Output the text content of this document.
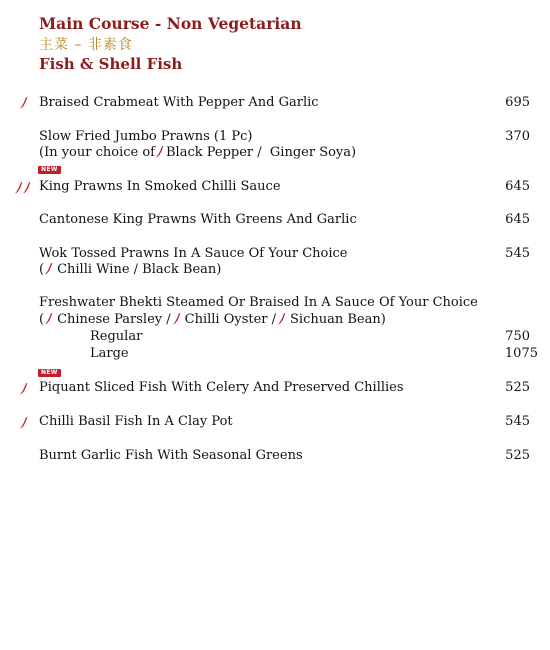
Main Course - Non Vegetarian
主菜 – 非素食
Fish & Shell Fish
Braised Crabmeat With Pepper And Garlic	695
Slow Fried Jumbo Prawns (1 Pc)	370
(In your choice of Black Pepper / Ginger Soya)
NEW
King Prawns In Smoked Chilli Sauce	645
Cantonese King Prawns With Greens And Garlic	645
Wok Tossed Prawns In A Sauce Of Your Choice	545
( Chilli Wine / Black Bean)
Freshwater Bhekti Steamed Or Braised In A Sauce Of Your Choice
( Chinese Parsley / Chilli Oyster / Sichuan Bean)
Regular	750
Large	1075
NEW
Piquant Sliced Fish With Celery And Preserved Chillies	525
Chilli Basil Fish In A Clay Pot	545
Burnt Garlic Fish With Seasonal Greens	525
